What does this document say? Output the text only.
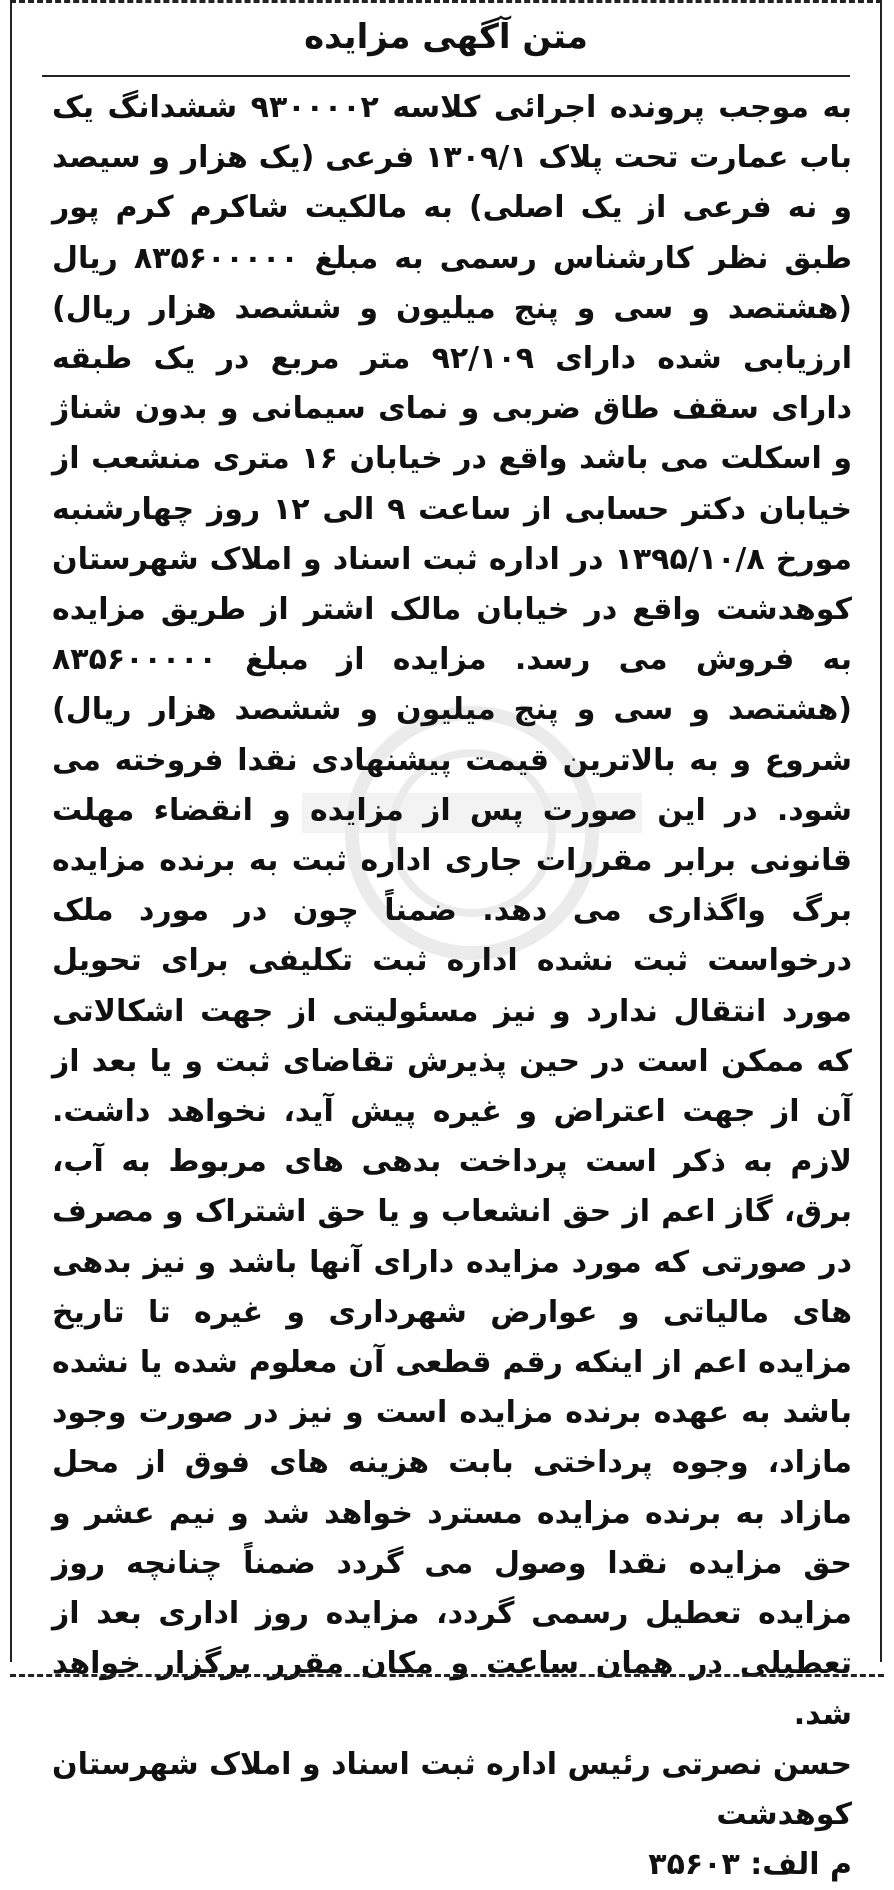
متن آگهی مزایده

به موجب پرونده اجرائی کلاسه ۹۳۰۰۰۰۲ ششدانگ یک باب عمارت تحت پلاک ۱۳۰۹/۱ فرعی (یک هزار و سیصد و نه فرعی از یک اصلی) به مالکیت شاکرم کرم پور طبق نظر کارشناس رسمی به مبلغ ۸۳۵۶۰۰۰۰۰ ریال (هشتصد و سی و پنج میلیون و ششصد هزار ریال) ارزیابی شده دارای ۹۲/۱۰۹ متر مربع در یک طبقه دارای سقف طاق ضربی و نمای سیمانی و بدون شناژ و اسکلت می باشد واقع در خیابان ۱۶ متری منشعب از خیابان دکتر حسابی از ساعت ۹ الی ۱۲ روز چهارشنبه مورخ ۱۳۹۵/۱۰/۸ در اداره ثبت اسناد و املاک شهرستان کوهدشت واقع در خیابان مالک اشتر از طریق مزایده به فروش می رسد. مزایده از مبلغ ۸۳۵۶۰۰۰۰۰ (هشتصد و سی و پنج میلیون و ششصد هزار ریال) شروع و به بالاترین قیمت پیشنهادی نقدا فروخته می شود. در این صورت پس از مزایده و انقضاء مهلت قانونی برابر مقررات جاری اداره ثبت به برنده مزایده برگ واگذاری می دهد. ضمناً چون در مورد ملک درخواست ثبت نشده اداره ثبت تکلیفی برای تحویل مورد انتقال ندارد و نیز مسئولیتی از جهت اشکالاتی که ممکن است در حین پذیرش تقاضای ثبت و یا بعد از آن از جهت اعتراض و غیره پیش آید، نخواهد داشت. لازم به ذکر است پرداخت بدهی های مربوط به آب، برق، گاز اعم از حق انشعاب و یا حق اشتراک و مصرف در صورتی که مورد مزایده دارای آنها باشد و نیز بدهی های مالیاتی و عوارض شهرداری و غیره تا تاریخ مزایده اعم از اینکه رقم قطعی آن معلوم شده یا نشده باشد به عهده برنده مزایده است و نیز در صورت وجود مازاد، وجوه پرداختی بابت هزینه های فوق از محل مازاد به برنده مزایده مسترد خواهد شد و نیم عشر و حق مزایده نقدا وصول می گردد ضمناً چنانچه روز مزایده تعطیل رسمی گردد، مزایده روز اداری بعد از تعطیلی در همان ساعت و مکان مقرر برگزار خواهد شد.

حسن نصرتی رئیس اداره ثبت اسناد و املاک شهرستان کوهدشت

م الف: ۳۵۶۰۳
